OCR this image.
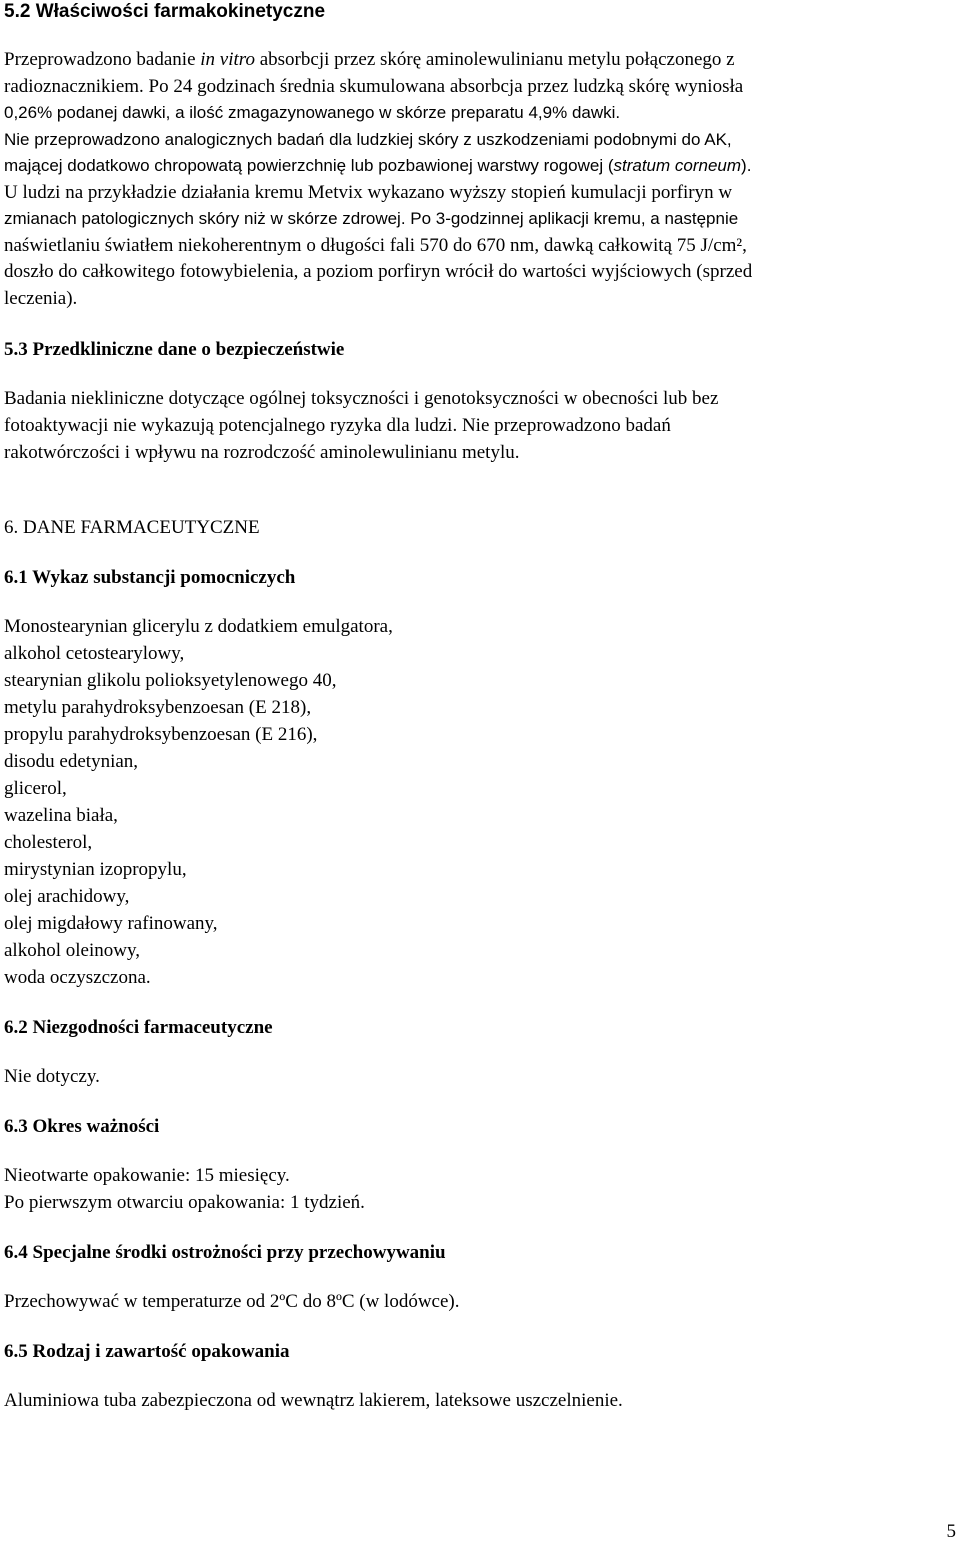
5.2 Właściwości farmakokinetyczne

Przeprowadzono badanie in vitro absorbcji przez skórę aminolewulinianu metylu połączonego z
radioznacznikiem. Po 24 godzinach średnia skumulowana absorbcja przez ludzką skórę wyniosła
0,26% podanej dawki, a ilość zmagazynowanego w skórze preparatu 4,9% dawki.
Nie przeprowadzono analogicznych badań dla ludzkiej skóry z uszkodzeniami podobnymi do AK,
mającej dodatkowo chropowatą powierzchnię lub pozbawionej warstwy rogowej (stratum corneum).
U ludzi na przykładzie działania kremu Metvix wykazano wyższy stopień kumulacji porfiryn w
zmianach patologicznych skóry niż w skórze zdrowej. Po 3-godzinnej aplikacji kremu, a następnie
naświetlaniu światłem niekoherentnym o długości fali 570 do 670 nm, dawką całkowitą 75 J/cm²,
doszło do całkowitego fotowybielenia, a poziom porfiryn wrócił do wartości wyjściowych (sprzed
leczenia).

5.3 Przedkliniczne dane o bezpieczeństwie

Badania niekliniczne dotyczące ogólnej toksyczności i genotoksyczności w obecności lub bez
fotoaktywacji nie wykazują potencjalnego ryzyka dla ludzi. Nie przeprowadzono badań
rakotwórczości i wpływu na rozrodczość aminolewulinianu metylu.

6. DANE FARMACEUTYCZNE

6.1 Wykaz substancji pomocniczych

Monostearynian glicerylu z dodatkiem emulgatora,
alkohol cetostearylowy,
stearynian glikolu polioksyetylenowego 40,
metylu parahydroksybenzoesan (E 218),
propylu parahydroksybenzoesan (E 216),
disodu edetynian,
glicerol,
wazelina biała,
cholesterol,
mirystynian izopropylu,
olej arachidowy,
olej migdałowy rafinowany,
alkohol oleinowy,
woda oczyszczona.

6.2 Niezgodności farmaceutyczne

Nie dotyczy.

6.3 Okres ważności

Nieotwarte opakowanie: 15 miesięcy.
Po pierwszym otwarciu opakowania: 1 tydzień.

6.4 Specjalne środki ostrożności przy przechowywaniu

Przechowywać w temperaturze od 2ºC do 8ºC (w lodówce).

6.5 Rodzaj i zawartość opakowania

Aluminiowa tuba zabezpieczona od wewnątrz lakierem, lateksowe uszczelnienie.

5
